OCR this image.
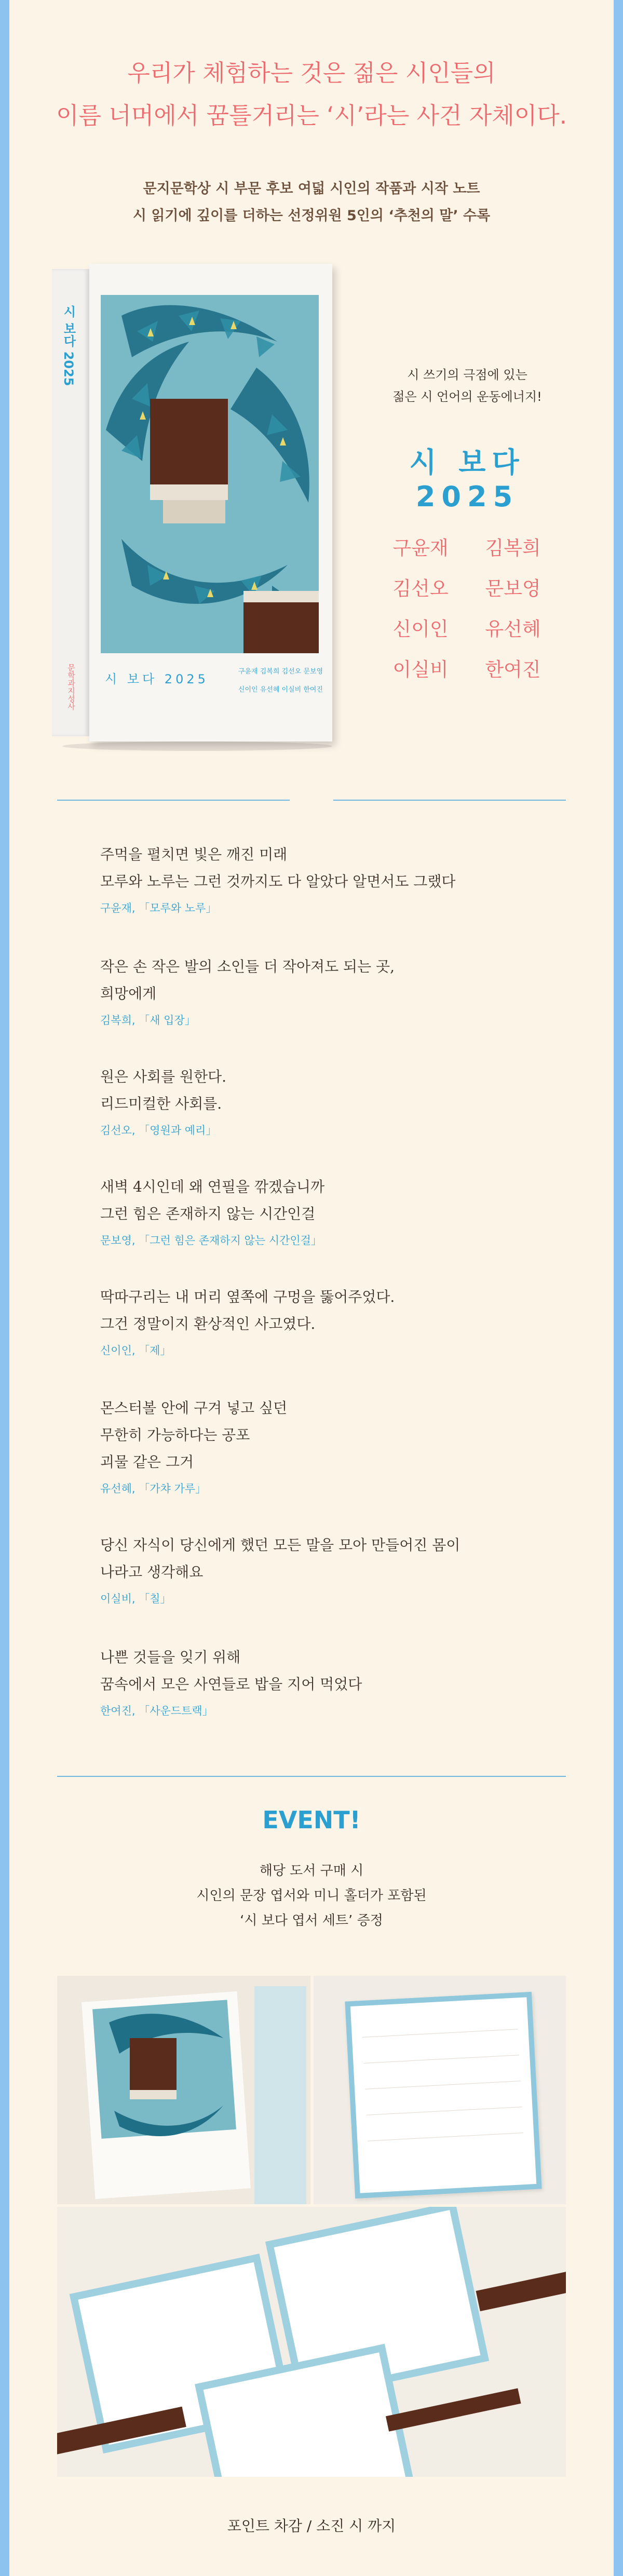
우리가 체험하는 것은 젊은 시인들의
이름 너머에서 꿈틀거리는 ‘시’라는 사건 자체이다.
문지문학상 시 부문 후보 여덟 시인의 작품과 시작 노트
시 읽기에 깊이를 더하는 선정위원 5인의 ‘추천의 말’ 수록
시 보다 2025
문학과지성사 시 보다 2025
구윤재 김복희 김선오 문보영
신이인 유선혜 이실비 한여진
시 쓰기의 극점에 있는
젊은 시 언어의 운동에너지!
시 보다 2025
구윤재	김복희
김선오	문보영
신이인	유선혜
이실비	한여진
주먹을 펼치면 빛은 깨진 미래
모루와 노루는 그런 것까지도 다 알았다 알면서도 그랬다
구윤재, 「모루와 노루」
작은 손 작은 발의 소인들 더 작아져도 되는 곳,
희망에게
김복희, 「새 입장」
원은 사회를 원한다.
리드미컬한 사회를.
김선오, 「영원과 예리」
새벽 4시인데 왜 연필을 깎겠습니까
그런 힘은 존재하지 않는 시간인걸
문보영, 「그런 힘은 존재하지 않는 시간인걸」
딱따구리는 내 머리 옆쪽에 구멍을 뚫어주었다.
그건 정말이지 환상적인 사고였다.
신이인, 「제」
몬스터볼 안에 구겨 넣고 싶던
무한히 가능하다는 공포
괴물 같은 그거
유선혜, 「가챠 가루」
당신 자식이 당신에게 했던 모든 말을 모아 만들어진 몸이
나라고 생각해요
이실비, 「칠」
나쁜 것들을 잊기 위해
꿈속에서 모은 사연들로 밥을 지어 먹었다
한여진, 「사운드트랙」
EVENT!
해당 도서 구매 시
시인의 문장 엽서와 미니 홀더가 포함된
‘시 보다 엽서 세트’ 증정
포인트 차감 / 소진 시 까지
